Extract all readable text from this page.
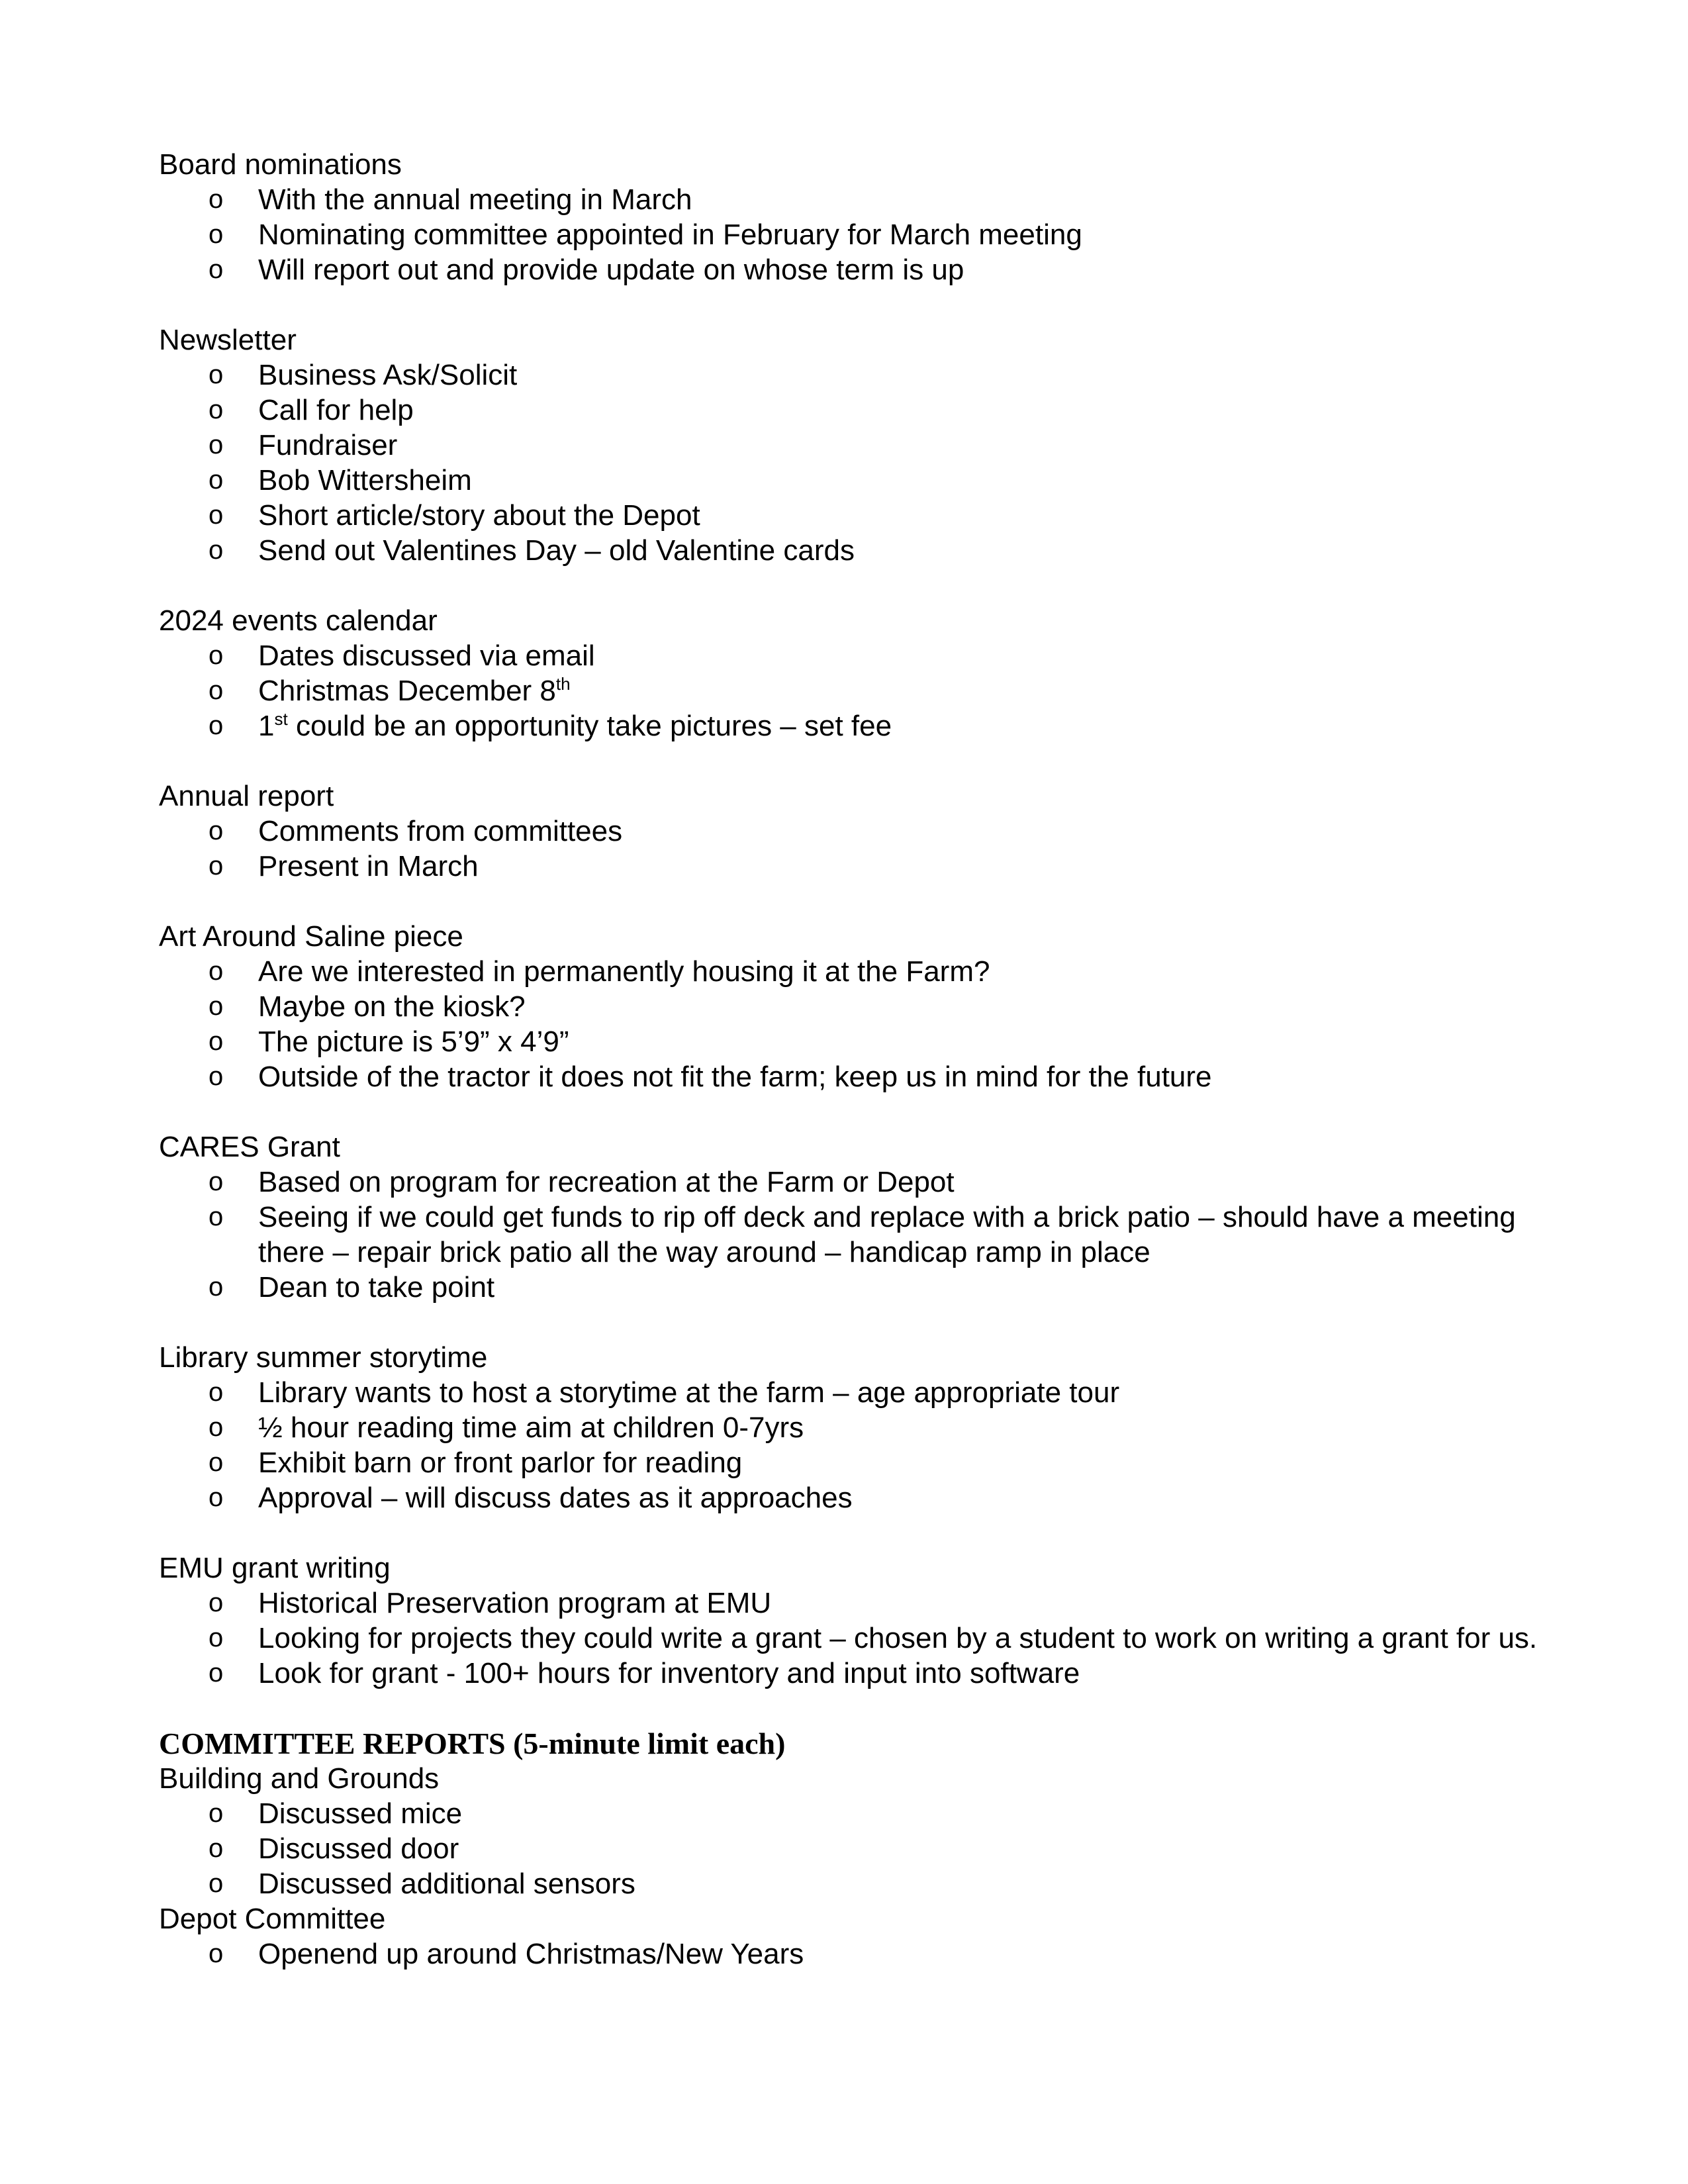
Board nominations

o With the annual meeting in March
o Nominating committee appointed in February for March meeting
o Will report out and provide update on whose term is up

Newsletter

o Business Ask/Solicit
o Call for help
o Fundraiser
o Bob Wittersheim
o Short article/story about the Depot
o Send out Valentines Day – old Valentine cards

2024 events calendar

o Dates discussed via email
o Christmas December 8th
o 1st could be an opportunity take pictures – set fee

Annual report

o Comments from committees
o Present in March

Art Around Saline piece

o Are we interested in permanently housing it at the Farm?
o Maybe on the kiosk?
o The picture is 5’9” x 4’9”
o Outside of the tractor it does not fit the farm; keep us in mind for the future

CARES Grant

o Based on program for recreation at the Farm or Depot
o Seeing if we could get funds to rip off deck and replace with a brick patio – should have a meeting there – repair brick patio all the way around – handicap ramp in place
o Dean to take point

Library summer storytime

o Library wants to host a storytime at the farm – age appropriate tour
o ½ hour reading time aim at children 0-7yrs
o Exhibit barn or front parlor for reading
o Approval – will discuss dates as it approaches

EMU grant writing

o Historical Preservation program at EMU
o Looking for projects they could write a grant – chosen by a student to work on writing a grant for us.
o Look for grant - 100+ hours for inventory and input into software

COMMITTEE REPORTS (5-minute limit each)

Building and Grounds

o Discussed mice
o Discussed door
o Discussed additional sensors

Depot Committee

o Openend up around Christmas/New Years
